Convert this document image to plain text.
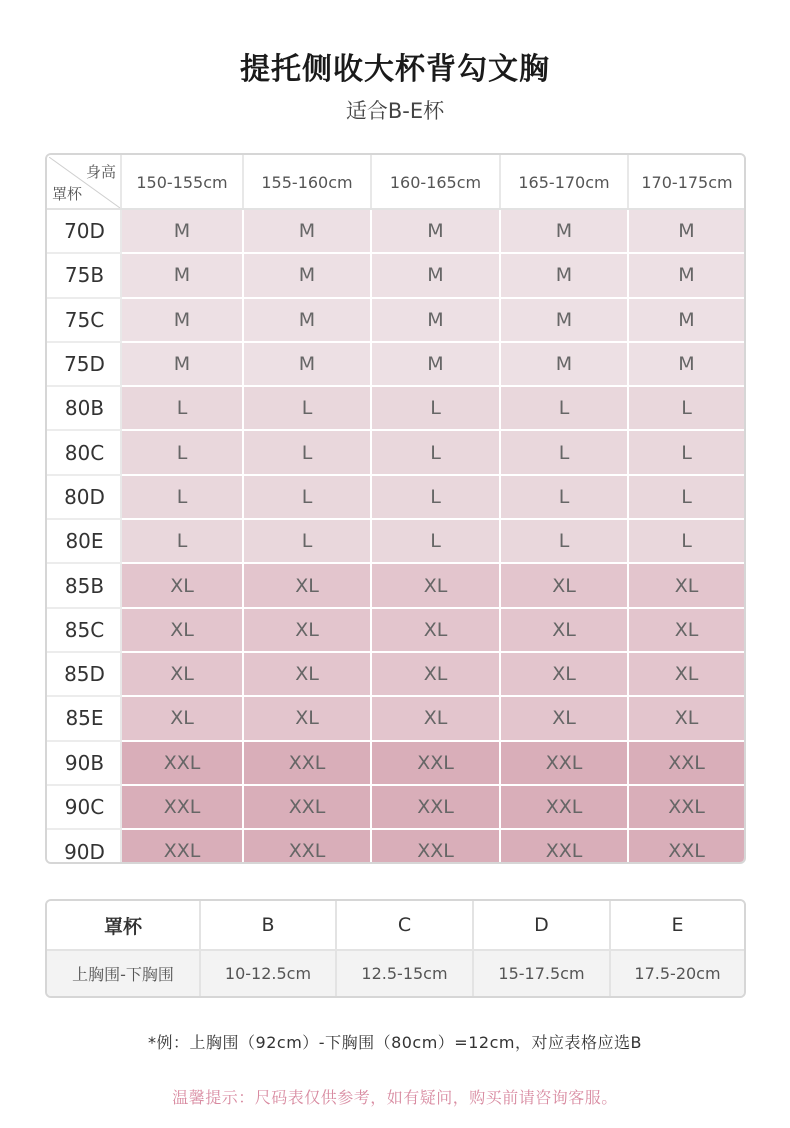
提托侧收大杯背勾文胸
适合B-E杯
身高
罩杯	150-155cm	155-160cm	160-165cm	165-170cm	170-175cm
70D	M	M	M	M	M
75B	M	M	M	M	M
75C	M	M	M	M	M
75D	M	M	M	M	M
80B	L	L	L	L	L
80C	L	L	L	L	L
80D	L	L	L	L	L
80E	L	L	L	L	L
85B	XL	XL	XL	XL	XL
85C	XL	XL	XL	XL	XL
85D	XL	XL	XL	XL	XL
85E	XL	XL	XL	XL	XL
90B	XXL	XXL	XXL	XXL	XXL
90C	XXL	XXL	XXL	XXL	XXL
90D	XXL	XXL	XXL	XXL	XXL
罩杯	B	C	D	E
上胸围-下胸围	10-12.5cm	12.5-15cm	15-17.5cm	17.5-20cm
*例：上胸围（92cm）-下胸围（80cm）=12cm，对应表格应选B
温馨提示：尺码表仅供参考，如有疑问，购买前请咨询客服。
